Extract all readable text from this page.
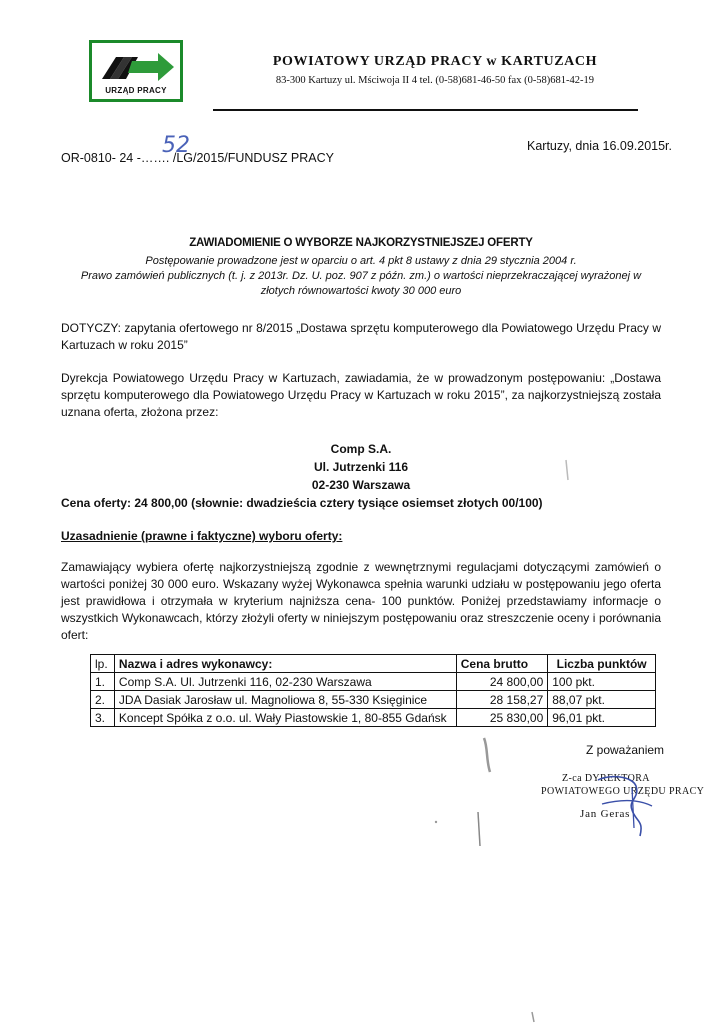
URZĄD PRACY
POWIATOWY URZĄD PRACY w KARTUZACH
83-300 Kartuzy ul. Mściwoja II 4 tel. (0-58)681-46-50 fax (0-58)681-42-19
OR-0810- 24 -……. /LG/2015/FUNDUSZ PRACY
52	Kartuzy, dnia 16.09.2015r.
ZAWIADOMIENIE O WYBORZE NAJKORZYSTNIEJSZEJ OFERTY
Postępowanie prowadzone jest w oparciu o art. 4 pkt 8 ustawy z dnia 29 stycznia 2004 r.
Prawo zamówień publicznych (t. j. z 2013r. Dz. U. poz. 907 z późn. zm.) o wartości nieprzekraczającej wyrażonej w
złotych równowartości kwoty 30 000 euro
DOTYCZY: zapytania ofertowego nr 8/2015 „Dostawa sprzętu komputerowego dla Powiatowego Urzędu Pracy w Kartuzach w roku 2015”
Dyrekcja Powiatowego Urzędu Pracy w Kartuzach, zawiadamia, że w prowadzonym postępowaniu: „Dostawa sprzętu komputerowego dla Powiatowego Urzędu Pracy w Kartuzach w roku 2015”, za najkorzystniejszą została uznana oferta, złożona przez:
Comp S.A.
Ul. Jutrzenki 116
02-230 Warszawa
Cena oferty: 24 800,00 (słownie: dwadzieścia cztery tysiące osiemset złotych 00/100)
Uzasadnienie (prawne i faktyczne) wyboru oferty:
Zamawiający wybiera ofertę najkorzystniejszą zgodnie z wewnętrznymi regulacjami dotyczącymi zamówień o wartości poniżej 30 000 euro. Wskazany wyżej Wykonawca spełnia warunki udziału w postępowaniu jego oferta jest prawidłowa i otrzymała w kryterium najniższa cena- 100 punktów. Poniżej przedstawiamy informacje o wszystkich Wykonawcach, którzy złożyli oferty w niniejszym postępowaniu oraz streszczenie oceny i porównania ofert:
lp.	Nazwa i adres wykonawcy:	Cena brutto	Liczba punktów
1.	Comp S.A. Ul. Jutrzenki 116, 02-230 Warszawa	24 800,00	100 pkt.
2.	JDA Dasiak Jarosław ul. Magnoliowa 8, 55-330 Księginice	28 158,27	88,07 pkt.
3.	Koncept Spółka z o.o. ul. Wały Piastowskie 1, 80-855 Gdańsk	25 830,00	96,01 pkt.
Z poważaniem
Z-ca DYREKTORA
POWIATOWEGO URZĘDU PRACY
Jan Geras
